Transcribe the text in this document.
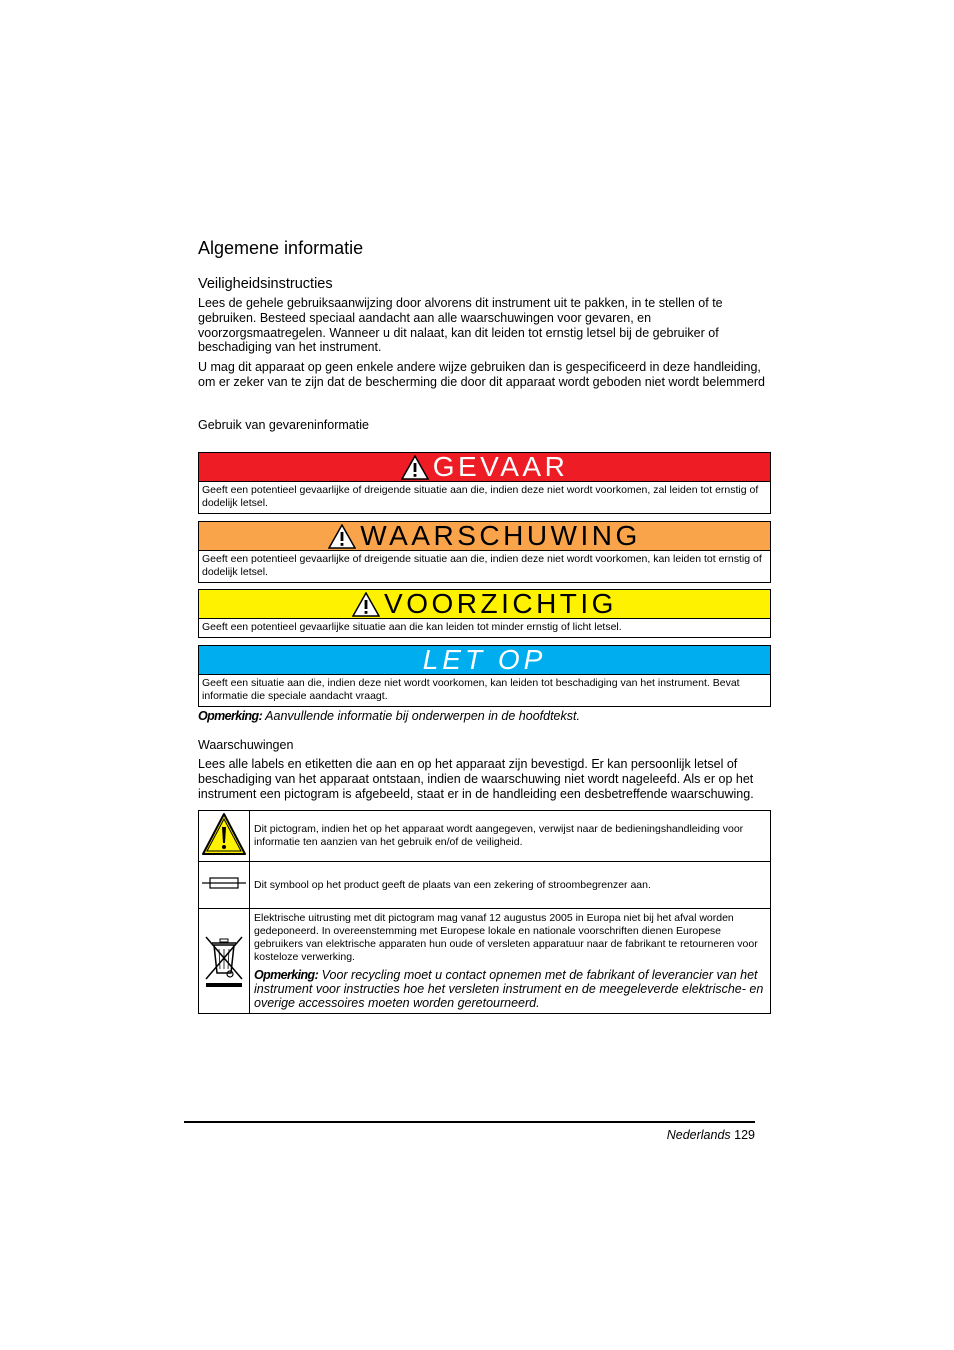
Algemene informatie
Veiligheidsinstructies

Lees de gehele gebruiksaanwijzing door alvorens dit instrument uit te pakken, in te stellen of te gebruiken. Besteed speciaal aandacht aan alle waarschuwingen voor gevaren, en voorzorgsmaatregelen. Wanneer u dit nalaat, kan dit leiden tot ernstig letsel bij de gebruiker of beschadiging van het instrument.

U mag dit apparaat op geen enkele andere wijze gebruiken dan is gespecificeerd in deze handleiding, om er zeker van te zijn dat de bescherming die door dit apparaat wordt geboden niet wordt belemmerd

Gebruik van gevareninformatie
GEVAAR
Geeft een potentieel gevaarlijke of dreigende situatie aan die, indien deze niet wordt voorkomen, zal leiden tot ernstig of dodelijk letsel.
WAARSCHUWING
Geeft een potentieel gevaarlijke of dreigende situatie aan die, indien deze niet wordt voorkomen, kan leiden tot ernstig of dodelijk letsel.
VOORZICHTIG
Geeft een potentieel gevaarlijke situatie aan die kan leiden tot minder ernstig of licht letsel.
LET OP
Geeft een situatie aan die, indien deze niet wordt voorkomen, kan leiden tot beschadiging van het instrument. Bevat informatie die speciale aandacht vraagt.
Opmerking: Aanvullende informatie bij onderwerpen in de hoofdtekst.
Waarschuwingen

Lees alle labels en etiketten die aan en op het apparaat zijn bevestigd. Er kan persoonlijk letsel of beschadiging van het apparaat ontstaan, indien de waarschuwing niet wordt nageleefd. Als er op het instrument een pictogram is afgebeeld, staat er in de handleiding een desbetreffende waarschuwing.

	Dit pictogram, indien het op het apparaat wordt aangegeven, verwijst naar de bedieningshandleiding voor informatie ten aanzien van het gebruik en/of de veiligheid.
	Dit symbool op het product geeft de plaats van een zekering of stroombegrenzer aan.

Elektrische uitrusting met dit pictogram mag vanaf 12 augustus 2005 in Europa niet bij het afval worden gedeponeerd. In overeenstemming met Europese lokale en nationale voorschriften dienen Europese gebruikers van elektrische apparaten hun oude of versleten apparatuur naar de fabrikant te retourneren voor kosteloze verwerking.
Opmerking: Voor recycling moet u contact opnemen met de fabrikant of leverancier van het instrument voor instructies hoe het versleten instrument en de meegeleverde elektrische- en overige accessoires moeten worden geretourneerd.
Nederlands 129
